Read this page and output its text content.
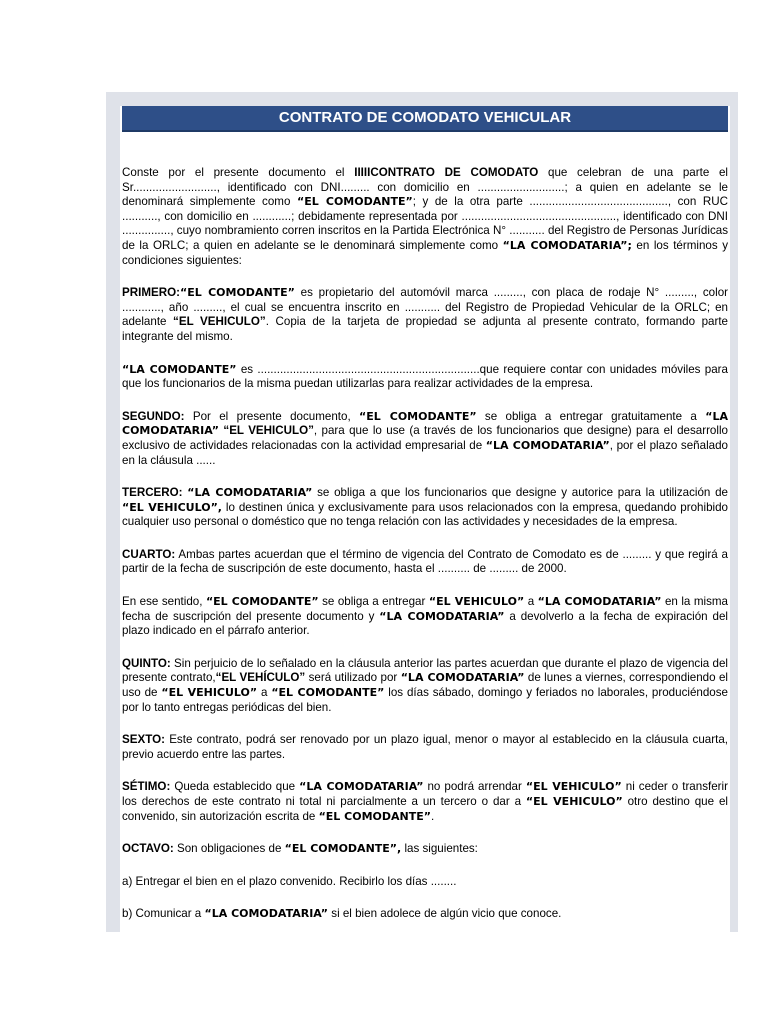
CONTRATO DE COMODATO VEHICULAR

Conste por el presente documento el IIIIICONTRATO DE COMODATO que celebran de una parte el Sr.........................., identificado con DNI......... con domicilio en ...........................; a quien en adelante se le denominará simplemente como “EL COMODANTE”; y de la otra parte ..........................................., con RUC ..........., con domicilio en ............; debidamente representada por ................................................, identificado con DNI ..............., cuyo nombramiento corren inscritos en la Partida Electrónica N° ........... del Registro de Personas Jurídicas de la ORLC; a quien en adelante se le denominará simplemente como “LA COMODATARIA”; en los términos y condiciones siguientes:

PRIMERO:“EL COMODANTE” es propietario del automóvil marca ........., con placa de rodaje N° ........., color ............, año ........., el cual se encuentra inscrito en ........... del Registro de Propiedad Vehicular de la ORLC; en adelante “EL VEHICULO”. Copia de la tarjeta de propiedad se adjunta al presente contrato, formando parte integrante del mismo.

“LA COMODANTE” es .....................................................................que requiere contar con unidades móviles para que los funcionarios de la misma puedan utilizarlas para realizar actividades de la empresa.

SEGUNDO: Por el presente documento, “EL COMODANTE” se obliga a entregar gratuitamente a “LA COMODATARIA” “EL VEHICULO”, para que lo use (a través de los funcionarios que designe) para el desarrollo exclusivo de actividades relacionadas con la actividad empresarial de “LA COMODATARIA”, por el plazo señalado en la cláusula ......

TERCERO: “LA COMODATARIA” se obliga a que los funcionarios que designe y autorice para la utilización de “EL VEHICULO”, lo destinen única y exclusivamente para usos relacionados con la empresa, quedando prohibido cualquier uso personal o doméstico que no tenga relación con las actividades y necesidades de la empresa.

CUARTO: Ambas partes acuerdan que el término de vigencia del Contrato de Comodato es de ......... y que regirá a partir de la fecha de suscripción de este documento, hasta el .......... de ......... de 2000.

En ese sentido, “EL COMODANTE” se obliga a entregar “EL VEHICULO” a “LA COMODATARIA” en la misma fecha de suscripción del presente documento y “LA COMODATARIA” a devolverlo a la fecha de expiración del plazo indicado en el párrafo anterior.

QUINTO: Sin perjuicio de lo señalado en la cláusula anterior las partes acuerdan que durante el plazo de vigencia del presente contrato,“EL VEHÍCULO” será utilizado por “LA COMODATARIA” de lunes a viernes, correspondiendo el uso de “EL VEHICULO” a “EL COMODANTE” los días sábado, domingo y feriados no laborales, produciéndose por lo tanto entregas periódicas del bien.

SEXTO: Este contrato, podrá ser renovado por un plazo igual, menor o mayor al establecido en la cláusula cuarta, previo acuerdo entre las partes.

SÉTIMO: Queda establecido que “LA COMODATARIA” no podrá arrendar “EL VEHICULO” ni ceder o transferir los derechos de este contrato ni total ni parcialmente a un tercero o dar a “EL VEHICULO” otro destino que el convenido, sin autorización escrita de “EL COMODANTE”.

OCTAVO: Son obligaciones de “EL COMODANTE”, las siguientes:

a) Entregar el bien en el plazo convenido. Recibirlo los días ........

b) Comunicar a “LA COMODATARIA” si el bien adolece de algún vicio que conoce.
